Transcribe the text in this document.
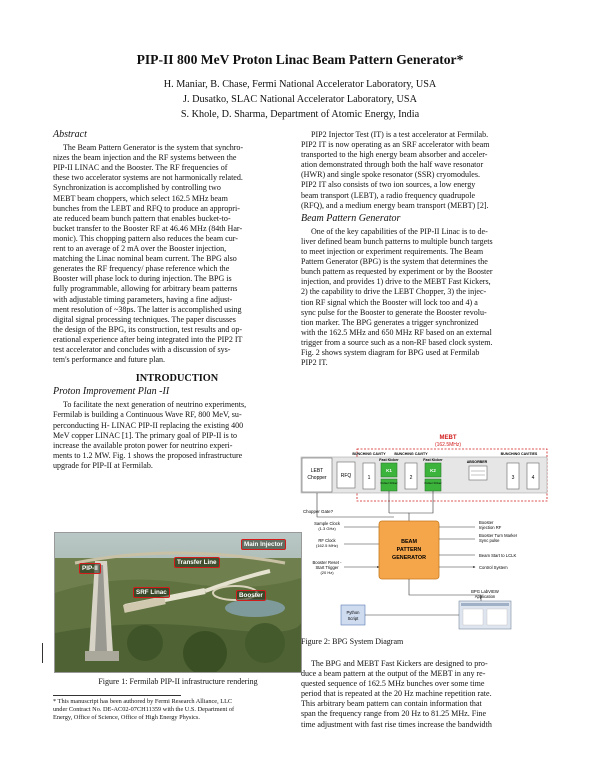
PIP-II 800 MeV Proton Linac Beam Pattern Generator*
H. Maniar, B. Chase, Fermi National Accelerator Laboratory, USA
J. Dusatko, SLAC National Accelerator Laboratory, USA
S. Khole, D. Sharma, Department of Atomic Energy, India
Abstract
The Beam Pattern Generator is the system that synchro-
nizes the beam injection and the RF systems between the
PIP-II LINAC and the Booster. The RF frequencies of
these two accelerator systems are not harmonically related.
Synchronization is accomplished by controlling two
MEBT beam choppers, which select 162.5 MHz beam
bunches from the LEBT and RFQ to produce an appropri-
ate reduced beam bunch pattern that enables bucket-to-
bucket transfer to the Booster RF at 46.46 MHz (84th Har-
monic). This chopping pattern also reduces the beam cur-
rent to an average of 2 mA over the Booster injection,
matching the Linac nominal beam current. The BPG also
generates the RF frequency/ phase reference which the
Booster will phase lock to during injection. The BPG is
fully programmable, allowing for arbitrary beam patterns
with adjustable timing parameters, having a fine adjust-
ment resolution of ~38ps. The latter is accomplished using
digital signal processing techniques. The paper discusses
the design of the BPG, its construction, test results and op-
erational experience after being integrated into the PIP2 IT
test accelerator and concludes with a discussion of sys-
tem's performance and future plan.
INTRODUCTION
Proton Improvement Plan -II
To facilitate the next generation of neutrino experiments,
Fermilab is building a Continuous Wave RF, 800 MeV, su-
perconducting H- LINAC PIP-II replacing the existing 400
MeV copper LINAC [1]. The primary goal of PIP-II is to
increase the available proton power for neutrino experi-
ments to 1.2 MW. Fig. 1 shows the proposed infrastructure
upgrade for PIP-II at Fermilab.
Main Injector
PIP-II
Transfer Line
SRF Linac	Booster
Figure 1: Fermilab PIP-II infrastructure rendering
* This manuscript has been authored by Fermi Research Alliance, LLC
under Contract No. DE-AC02-07CH11359 with the U.S. Department of
Energy, Office of Science, Office of High Energy Physics.
PIP2 Injector Test (IT) is a test accelerator at Fermilab.
PIP2 IT is now operating as an SRF accelerator with beam
transported to the high energy beam absorber and acceler-
ation demonstrated through both the half wave resonator
(HWR) and single spoke resonator (SSR) cryomodules.
PIP2 IT also consists of two ion sources, a low energy
beam transport (LEBT), a radio frequency quadrupole
(RFQ), and a medium energy beam transport (MEBT) [2].
Beam Pattern Generator
One of the key capabilities of the PIP-II Linac is to de-
liver defined beam bunch patterns to multiple bunch targets
to meet injection or experiment requirements. The Beam
Pattern Generator (BPG) is the system that determines the
bunch pattern as requested by experiment or by the Booster
injection, and provides 1) drive to the MEBT Fast Kickers,
2) the capability to drive the LEBT Chopper, 3) the injec-
tion RF signal which the Booster will lock too and 4) a
sync pulse for the Booster to generate the Booster revolu-
tion marker. The BPG generates a trigger synchronized
with the 162.5 MHz and 650 MHz RF based on an external
trigger from a source such as a non-RF based clock system.
Fig. 2 shows system diagram for BPG used at Fermilab
PIP2 IT.
MEBT
(162.5MHz)
LEBT
Chopper	RFQ
BUNCHING CAVITY BUNCHING CAVITY	BUNCHING CAVITIES
ABSORBER
1	2	3	4
Fast Kicker
K1
Kicker Driver
Fast Kicker
K2
Kicker Driver
Chopper Gate?
Sample Clock
(1.3 GHz)
RF Clock
(162.5 MHz)
Booster Reset -
Start Trigger
(20 Hz)
BEAM
PATTERN
GENERATOR
Booster
Injection RF
Booster Turn Marker
Sync pulse
Beam Start to LCLK
Control System
BPG LabVIEW
Application
Python
Script
Figure 2: BPG System Diagram
The BPG and MEBT Fast Kickers are designed to pro-
duce a beam pattern at the output of the MEBT in any re-
quested sequence of 162.5 MHz bunches over some time
period that is repeated at the 20 Hz machine repetition rate.
This arbitrary beam pattern can contain information that
span the frequency range from 20 Hz to 81.25 MHz. Fine
time adjustment with fast rise times increase the bandwidth
